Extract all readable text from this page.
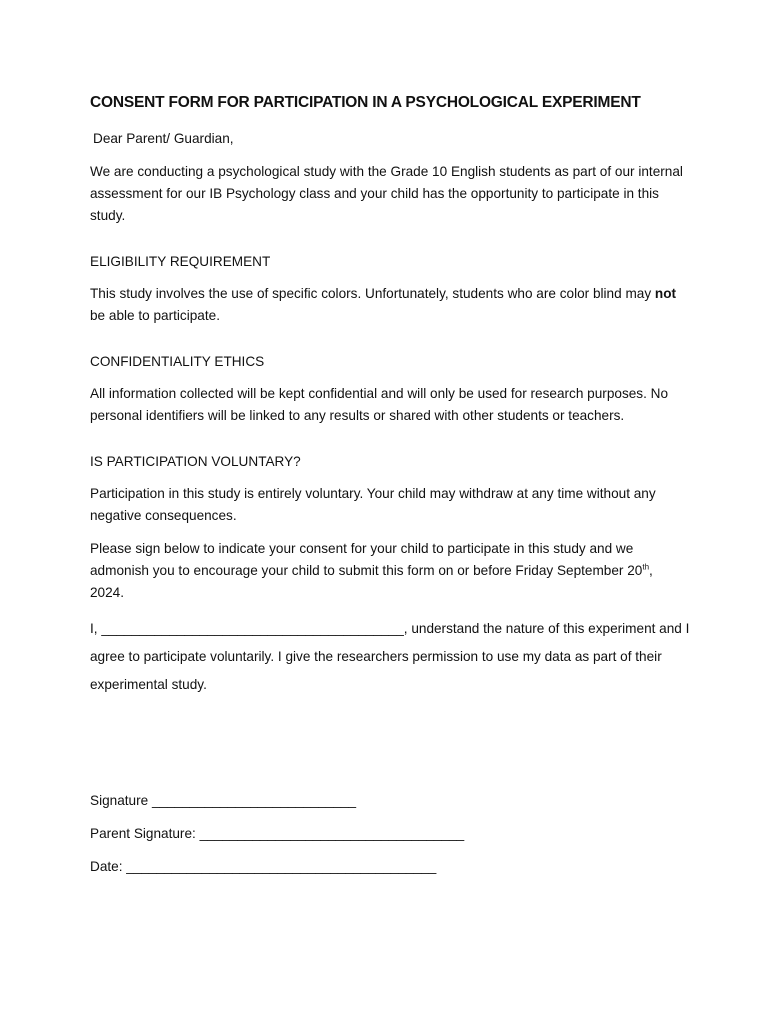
CONSENT FORM FOR PARTICIPATION IN A PSYCHOLOGICAL EXPERIMENT
Dear Parent/ Guardian,
We are conducting a psychological study with the Grade 10 English students as part of our internal assessment for our IB Psychology class and your child has the opportunity to participate in this study.
ELIGIBILITY REQUIREMENT
This study involves the use of specific colors. Unfortunately, students who are color blind may not be able to participate.
CONFIDENTIALITY ETHICS
All information collected will be kept confidential and will only be used for research purposes. No personal identifiers will be linked to any results or shared with other students or teachers.
IS PARTICIPATION VOLUNTARY?
Participation in this study is entirely voluntary. Your child may withdraw at any time without any negative consequences.
Please sign below to indicate your consent for your child to participate in this study and we admonish you to encourage your child to submit this form on or before Friday September 20th, 2024.
I, ________________________________________, understand the nature of this experiment and I agree to participate voluntarily. I give the researchers permission to use my data as part of their experimental study.
Signature ___________________________
Parent Signature: ___________________________________
Date: _________________________________________
